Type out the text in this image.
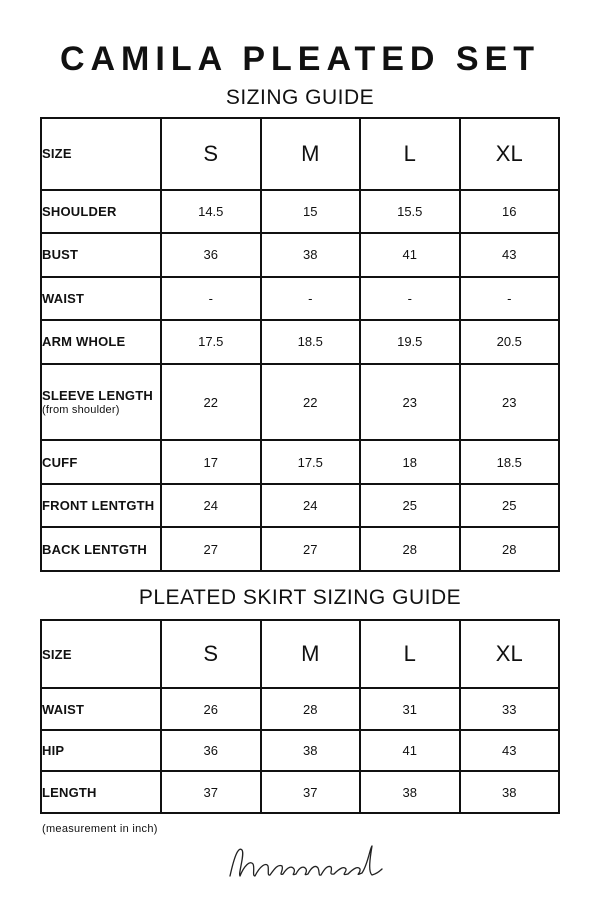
CAMILA PLEATED SET
SIZING GUIDE
SIZE	S	M	L	XL
SHOULDER	14.5	15	15.5	16
BUST	36	38	41	43
WAIST	-	-	-	-
ARM WHOLE	17.5	18.5	19.5	20.5
SLEEVE LENGTH
(from shoulder)	22	22	23	23
CUFF	17	17.5	18	18.5
FRONT LENTGTH	24	24	25	25
BACK LENTGTH	27	27	28	28
PLEATED SKIRT SIZING GUIDE
SIZE	S	M	L	XL
WAIST	26	28	31	33
HIP	36	38	41	43
LENGTH	37	37	38	38
(measurement in inch)
